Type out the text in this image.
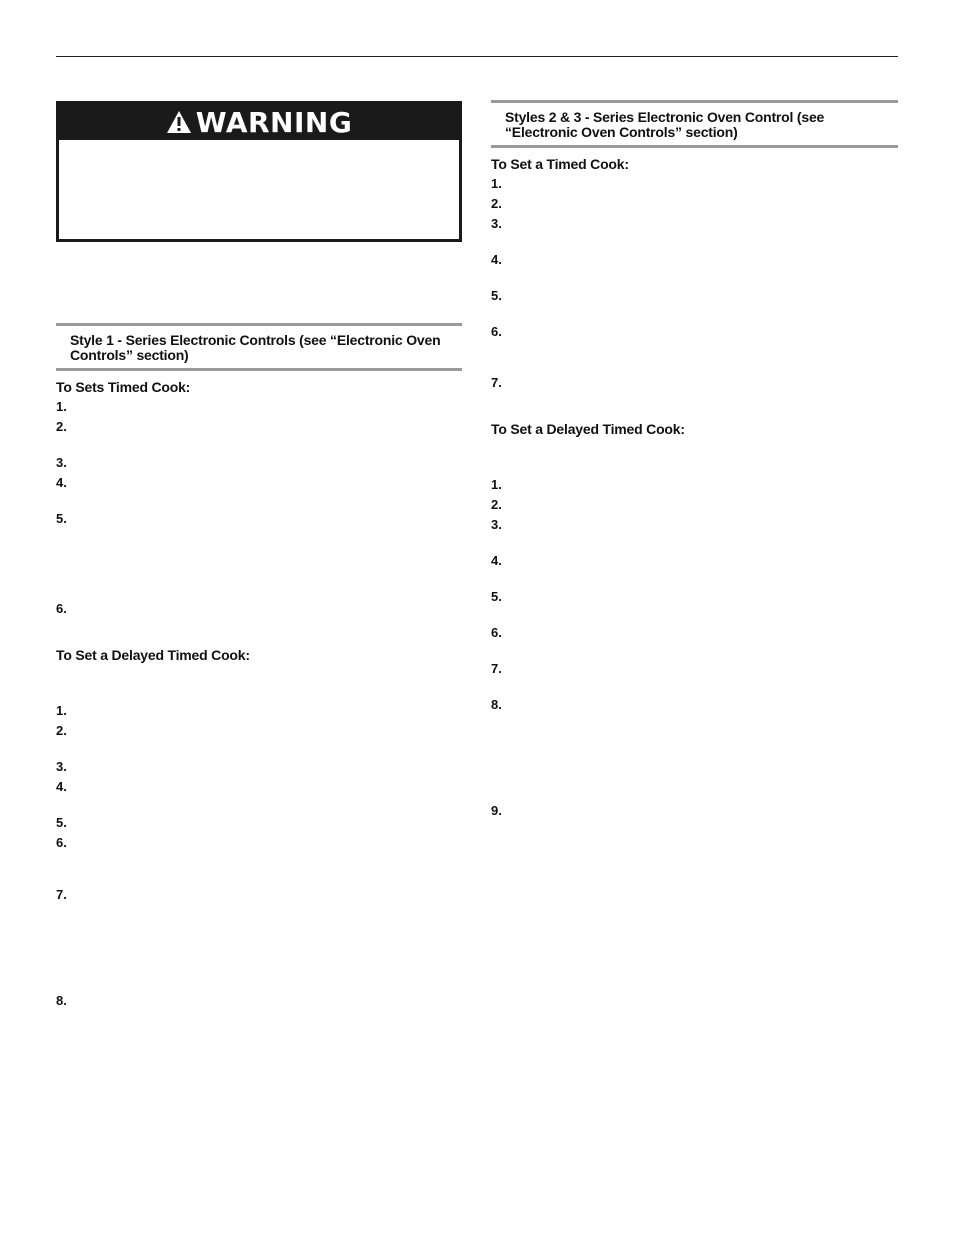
WARNING
Style 1 - Series Electronic Controls (see “Electronic Oven
Controls” section)
To Sets Timed Cook:
1.
2.
3.
4.
5.
6.
To Set a Delayed Timed Cook:
1.
2.
3.
4.
5.
6.
7.
8.
Styles 2 & 3 - Series Electronic Oven Control (see
“Electronic Oven Controls” section)
To Set a Timed Cook:
1.
2.
3.
4.
5.
6.
7.
To Set a Delayed Timed Cook:
1.
2.
3.
4.
5.
6.
7.
8.
9.
